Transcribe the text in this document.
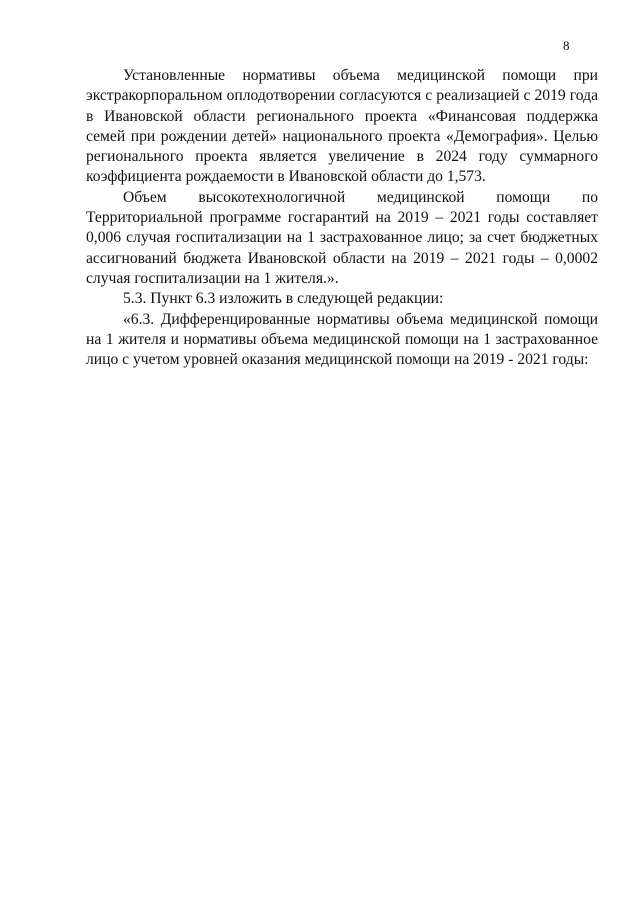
8

Установленные нормативы объема медицинской помощи при экстракорпоральном оплодотворении согласуются с реализацией с 2019 года в Ивановской области регионального проекта «Финансовая поддержка семей при рождении детей» национального проекта «Демография». Целью регионального проекта является увеличение в 2024 году суммарного коэффициента рождаемости в Ивановской области до 1,573.

Объем высокотехнологичной медицинской помощи по Территориальной программе госгарантий на 2019 – 2021 годы составляет 0,006 случая госпитализации на 1 застрахованное лицо; за счет бюджетных ассигнований бюджета Ивановской области на 2019 – 2021 годы – 0,0002 случая госпитализации на 1 жителя.».

5.3. Пункт 6.3 изложить в следующей редакции:

«6.3. Дифференцированные нормативы объема медицинской помощи на 1 жителя и нормативы объема медицинской помощи на 1 застрахованное лицо с учетом уровней оказания медицинской помощи на 2019 - 2021 годы:
